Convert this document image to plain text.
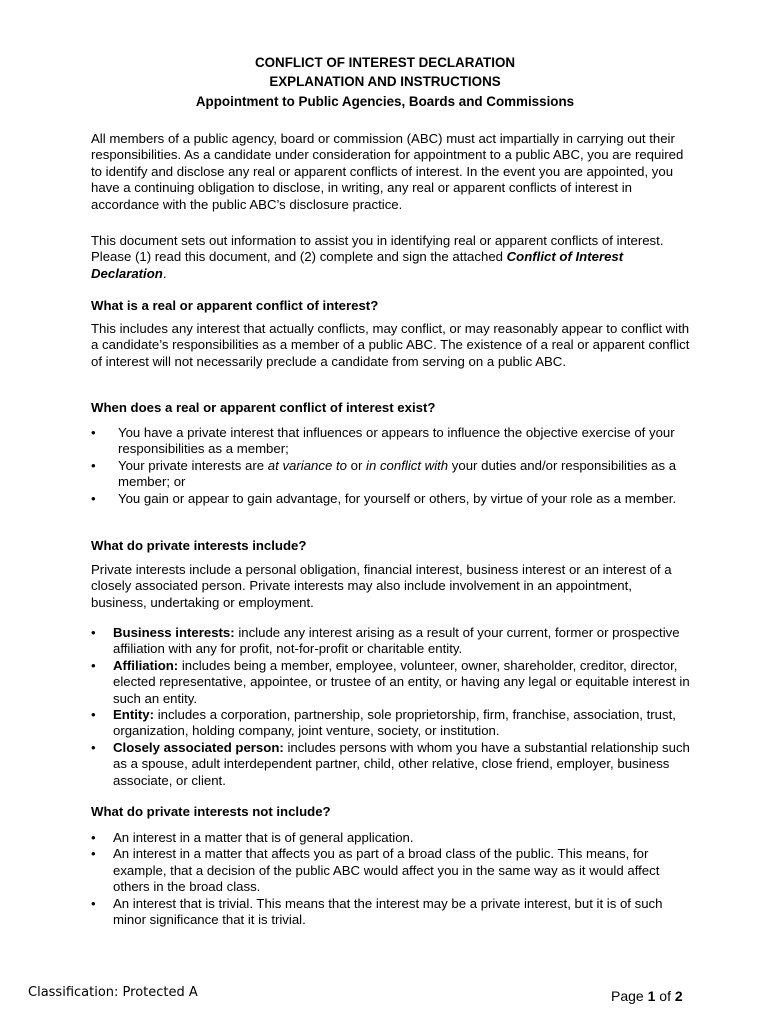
CONFLICT OF INTEREST DECLARATION
EXPLANATION AND INSTRUCTIONS
Appointment to Public Agencies, Boards and Commissions
All members of a public agency, board or commission (ABC) must act impartially in carrying out their responsibilities. As a candidate under consideration for appointment to a public ABC, you are required to identify and disclose any real or apparent conflicts of interest. In the event you are appointed, you have a continuing obligation to disclose, in writing, any real or apparent conflicts of interest in accordance with the public ABC’s disclosure practice.
This document sets out information to assist you in identifying real or apparent conflicts of interest. Please (1) read this document, and (2) complete and sign the attached Conflict of Interest Declaration.
What is a real or apparent conflict of interest?
This includes any interest that actually conflicts, may conflict, or may reasonably appear to conflict with a candidate’s responsibilities as a member of a public ABC. The existence of a real or apparent conflict of interest will not necessarily preclude a candidate from serving on a public ABC.
When does a real or apparent conflict of interest exist?
• You have a private interest that influences or appears to influence the objective exercise of your responsibilities as a member;
• Your private interests are at variance to or in conflict with your duties and/or responsibilities as a member; or
• You gain or appear to gain advantage, for yourself or others, by virtue of your role as a member.
What do private interests include?
Private interests include a personal obligation, financial interest, business interest or an interest of a closely associated person. Private interests may also include involvement in an appointment, business, undertaking or employment.
• Business interests: include any interest arising as a result of your current, former or prospective affiliation with any for profit, not-for-profit or charitable entity.
• Affiliation: includes being a member, employee, volunteer, owner, shareholder, creditor, director, elected representative, appointee, or trustee of an entity, or having any legal or equitable interest in such an entity.
• Entity: includes a corporation, partnership, sole proprietorship, firm, franchise, association, trust, organization, holding company, joint venture, society, or institution.
• Closely associated person: includes persons with whom you have a substantial relationship such as a spouse, adult interdependent partner, child, other relative, close friend, employer, business associate, or client.
What do private interests not include?
• An interest in a matter that is of general application.
• An interest in a matter that affects you as part of a broad class of the public. This means, for example, that a decision of the public ABC would affect you in the same way as it would affect others in the broad class.
• An interest that is trivial. This means that the interest may be a private interest, but it is of such minor significance that it is trivial.
Classification: Protected A	Page 1 of 2
